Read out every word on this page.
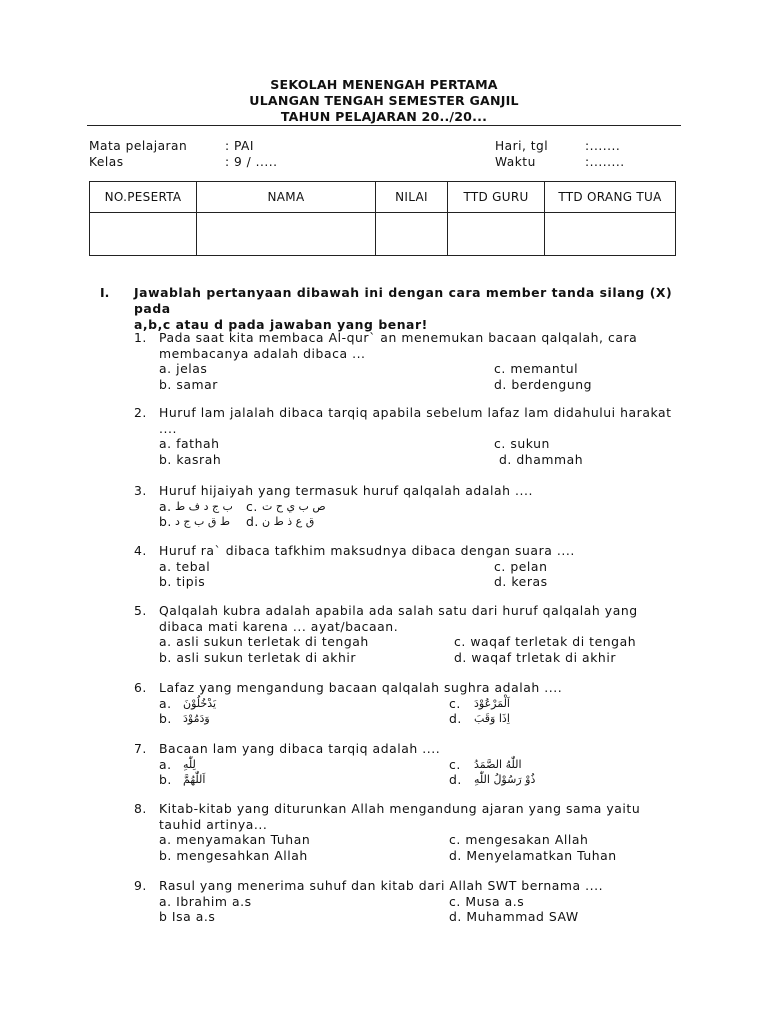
SEKOLAH MENENGAH PERTAMA
ULANGAN TENGAH SEMESTER GANJIL
TAHUN PELAJARAN 20../20...
Mata pelajaran	: PAI
Kelas	: 9 / .....
Hari, tgl	:.......
Waktu	:........
NO.PESERTA	NAMA	NILAI	TTD GURU	TTD ORANG TUA

I. Jawablah pertanyaan dibawah ini dengan cara member tanda silang (X) pada
a,b,c atau d pada jawaban yang benar!
1. Pada saat kita membaca Al-qur` an menemukan bacaan qalqalah, cara
membacanya adalah dibaca ...
a. jelas	c. memantul
b. samar	d. berdengung
2. Huruf lam jalalah dibaca tarqiq apabila sebelum lafaz lam didahului harakat
....
a. fathah	c. sukun
b. kasrah	d. dhammah
3. Huruf hijaiyah yang termasuk huruf qalqalah adalah ....
a. ب ج د ف ط c. ص ب ي ح ت
b. ط ق ب ج د d. ق ع ذ ط ن
4. Huruf ra` dibaca tafkhim maksudnya dibaca dengan suara ....
a. tebal	c. pelan
b. tipis	d. keras
5. Qalqalah kubra adalah apabila ada salah satu dari huruf qalqalah yang
dibaca mati karena ... ayat/bacaan.
a. asli sukun terletak di tengah	c. waqaf terletak di tengah
b. asli sukun terletak di akhir	d. waqaf trletak di akhir
6. Lafaz yang mengandung bacaan qalqalah sughra adalah ....
a. يَدْخُلُوْنَ	c. اَلْمَرْعُوْدَ
b. وَدَمُوْدَ	d. اِذَا وَقَبَ
7. Bacaan lam yang dibaca tarqiq adalah ....
a. لِلّٰهِ	c. اللّٰهُ الصَّمَدُ
b. اَللّٰهُمَّ	d. ذُوْ رَسُوْلُ اللّٰهِ
8. Kitab-kitab yang diturunkan Allah mengandung ajaran yang sama yaitu
tauhid artinya...
a. menyamakan Tuhan	c. mengesakan Allah
b. mengesahkan Allah	d. Menyelamatkan Tuhan
9. Rasul yang menerima suhuf dan kitab dari Allah SWT bernama ....
a. Ibrahim a.s	c. Musa a.s
b Isa a.s	d. Muhammad SAW
